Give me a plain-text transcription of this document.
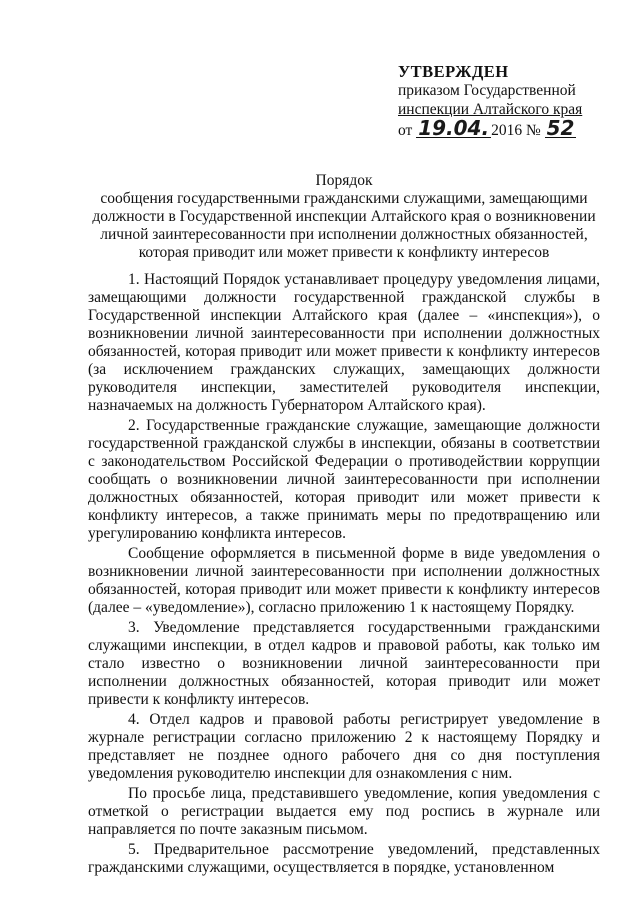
УТВЕРЖДЕН
приказом Государственной
инспекции Алтайского края
от 19.04. 2016 № 52
Порядок
сообщения государственными гражданскими служащими, замещающими
должности в Государственной инспекции Алтайского края о возникновении
личной заинтересованности при исполнении должностных обязанностей,
которая приводит или может привести к конфликту интересов

1. Настоящий Порядок устанавливает процедуру уведомления лицами, замещающими должности государственной гражданской службы в Государственной инспекции Алтайского края (далее – «инспекция»), о возникновении личной заинтересованности при исполнении должностных обязанностей, которая приводит или может привести к конфликту интересов (за исключением гражданских служащих, замещающих должности руководителя инспекции, заместителей руководителя инспекции, назначаемых на должность Губернатором Алтайского края).

2. Государственные гражданские служащие, замещающие должности государственной гражданской службы в инспекции, обязаны в соответствии с законодательством Российской Федерации о противодействии коррупции сообщать о возникновении личной заинтересованности при исполнении должностных обязанностей, которая приводит или может привести к конфликту интересов, а также принимать меры по предотвращению или урегулированию конфликта интересов.

Сообщение оформляется в письменной форме в виде уведомления о возникновении личной заинтересованности при исполнении должностных обязанностей, которая приводит или может привести к конфликту интересов (далее – «уведомление»), согласно приложению 1 к настоящему Порядку.

3. Уведомление представляется государственными гражданскими служащими инспекции, в отдел кадров и правовой работы, как только им стало известно о возникновении личной заинтересованности при исполнении должностных обязанностей, которая приводит или может привести к конфликту интересов.

4. Отдел кадров и правовой работы регистрирует уведомление в журнале регистрации согласно приложению 2 к настоящему Порядку и представляет не позднее одного рабочего дня со дня поступления уведомления руководителю инспекции для ознакомления с ним.

По просьбе лица, представившего уведомление, копия уведомления с отметкой о регистрации выдается ему под роспись в журнале или направляется по почте заказным письмом.

5. Предварительное рассмотрение уведомлений, представленных гражданскими служащими, осуществляется в порядке, установленном
